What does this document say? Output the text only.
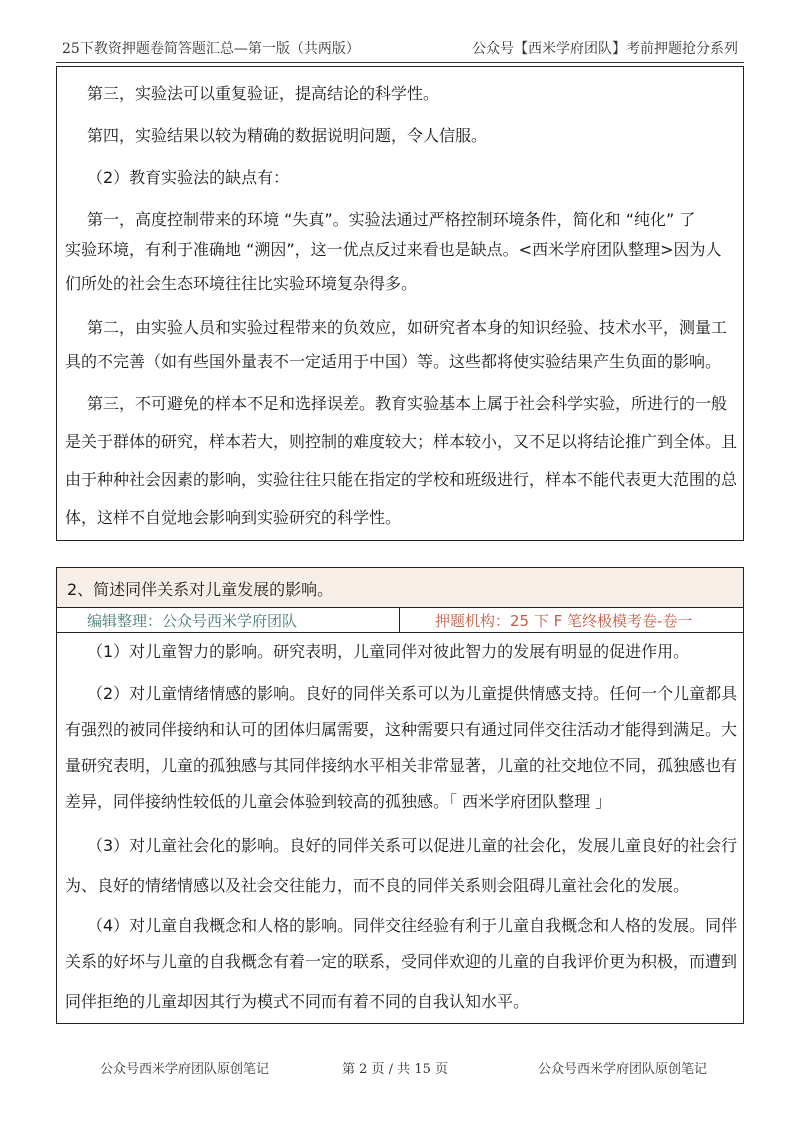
25下教资押题卷简答题汇总—第一版（共两版）	公众号【西米学府团队】考前押题抢分系列
第三，实验法可以重复验证，提高结论的科学性。
第四，实验结果以较为精确的数据说明问题，令人信服。
（2）教育实验法的缺点有：
第一，高度控制带来的环境 “失真”。实验法通过严格控制环境条件，简化和 “纯化” 了
实验环境，有利于准确地 “溯因”，这一优点反过来看也是缺点。<西米学府团队整理>因为人
们所处的社会生态环境往往比实验环境复杂得多。
第二，由实验人员和实验过程带来的负效应，如研究者本身的知识经验、技术水平，测量工
具的不完善（如有些国外量表不一定适用于中国）等。这些都将使实验结果产生负面的影响。
第三，不可避免的样本不足和选择误差。教育实验基本上属于社会科学实验，所进行的一般
是关于群体的研究，样本若大，则控制的难度较大；样本较小，又不足以将结论推广到全体。且
由于种种社会因素的影响，实验往往只能在指定的学校和班级进行，样本不能代表更大范围的总
体，这样不自觉地会影响到实验研究的科学性。
2、简述同伴关系对儿童发展的影响。
编辑整理：公众号西米学府团队	押题机构：25 下 F 笔终极模考卷-卷一
（1）对儿童智力的影响。研究表明，儿童同伴对彼此智力的发展有明显的促进作用。
（2）对儿童情绪情感的影响。良好的同伴关系可以为儿童提供情感支持。任何一个儿童都具
有强烈的被同伴接纳和认可的团体归属需要，这种需要只有通过同伴交往活动才能得到满足。大
量研究表明，儿童的孤独感与其同伴接纳水平相关非常显著，儿童的社交地位不同，孤独感也有
差异，同伴接纳性较低的儿童会体验到较高的孤独感。「 西米学府团队整理 」
（3）对儿童社会化的影响。良好的同伴关系可以促进儿童的社会化，发展儿童良好的社会行
为、良好的情绪情感以及社会交往能力，而不良的同伴关系则会阻碍儿童社会化的发展。
（4）对儿童自我概念和人格的影响。同伴交往经验有利于儿童自我概念和人格的发展。同伴
关系的好坏与儿童的自我概念有着一定的联系，受同伴欢迎的儿童的自我评价更为积极，而遭到
同伴拒绝的儿童却因其行为模式不同而有着不同的自我认知水平。
公众号西米学府团队原创笔记	第 2 页 / 共 15 页	公众号西米学府团队原创笔记
